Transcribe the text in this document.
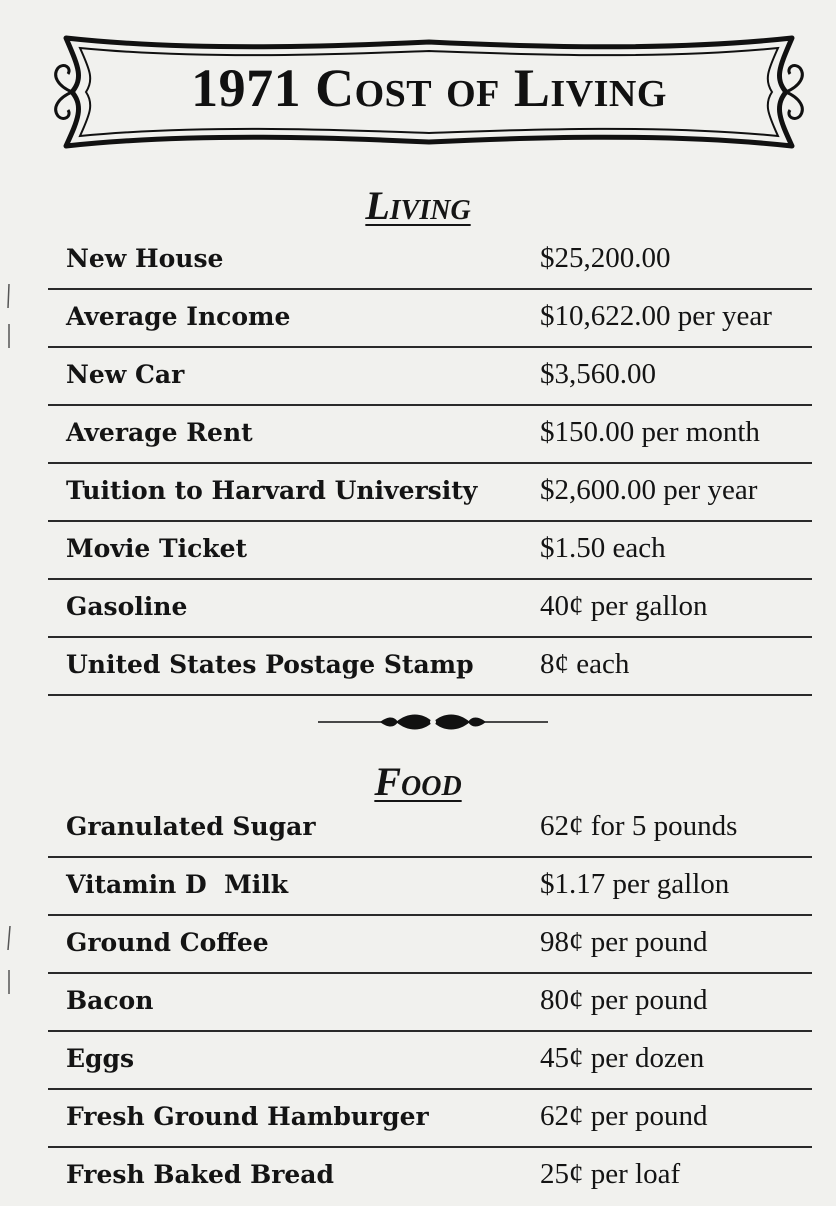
1971 Cost of Living
Living
New House	$25,200.00
Average Income	$10,622.00 per year
New Car	$3,560.00
Average Rent	$150.00 per month
Tuition to Harvard University $2,600.00 per year
Movie Ticket	$1.50 each
Gasoline	40¢ per gallon
United States Postage Stamp 8¢ each
Food
Granulated Sugar	62¢ for 5 pounds
Vitamin D  Milk	$1.17 per gallon
Ground Coffee	98¢ per pound
Bacon	80¢ per pound
Eggs	45¢ per dozen
Fresh Ground Hamburger	62¢ per pound
Fresh Baked Bread	25¢ per loaf
